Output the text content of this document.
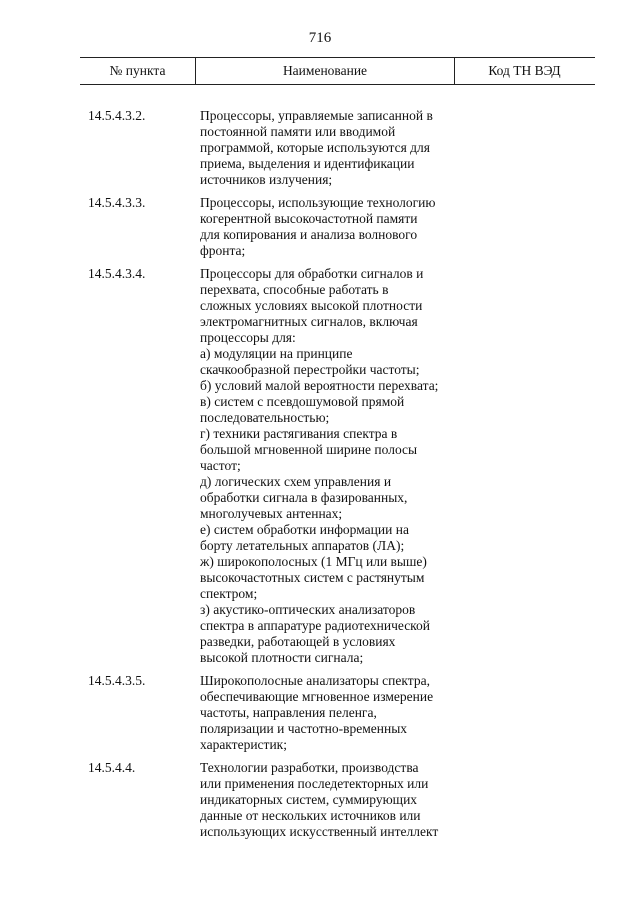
716
№ пункта	Наименование	Код ТН ВЭД
14.5.4.3.2.	Процессоры, управляемые записанной в
постоянной памяти или вводимой
программой, которые используются для
приема, выделения и идентификации
источников излучения;
14.5.4.3.3.	Процессоры, использующие технологию
когерентной высокочастотной памяти
для копирования и анализа волнового
фронта;
14.5.4.3.4.	Процессоры для обработки сигналов и
перехвата, способные работать в
сложных условиях высокой плотности
электромагнитных сигналов, включая
процессоры для:
а) модуляции на принципе
скачкообразной перестройки частоты;
б) условий малой вероятности перехвата;
в) систем с псевдошумовой прямой
последовательностью;
г) техники растягивания спектра в
большой мгновенной ширине полосы
частот;
д) логических схем управления и
обработки сигнала в фазированных,
многолучевых антеннах;
е) систем обработки информации на
борту летательных аппаратов (ЛА);
ж) широкополосных (1 МГц или выше)
высокочастотных систем с растянутым
спектром;
з) акустико-оптических анализаторов
спектра в аппаратуре радиотехнической
разведки, работающей в условиях
высокой плотности сигнала;
14.5.4.3.5.	Широкополосные анализаторы спектра,
обеспечивающие мгновенное измерение
частоты, направления пеленга,
поляризации и частотно-временных
характеристик;
14.5.4.4.	Технологии разработки, производства
или применения последетекторных или
индикаторных систем, суммирующих
данные от нескольких источников или
использующих искусственный интеллект
